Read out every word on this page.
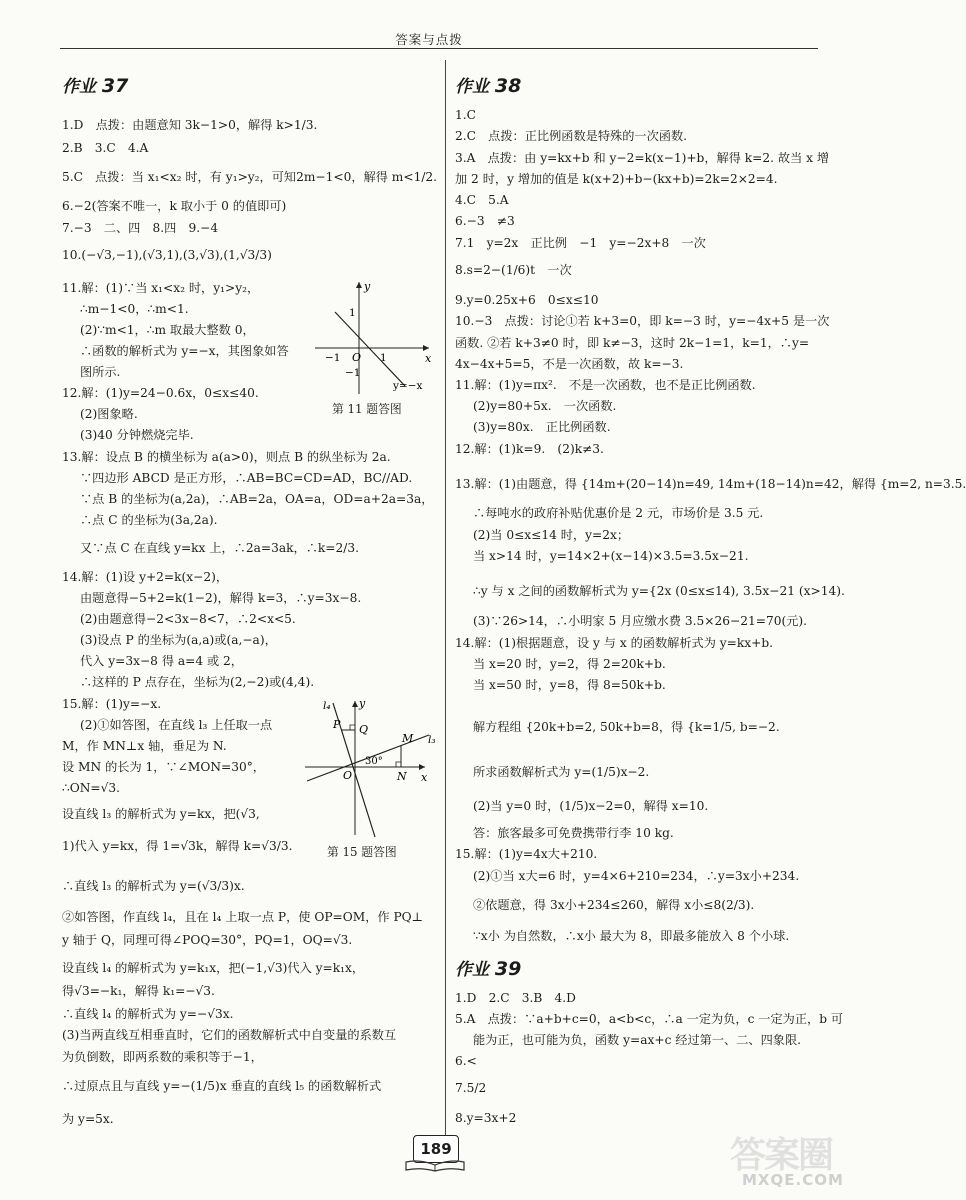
答案与点拨
作业 37
1.D　点拨：由题意知 3k−1>0，解得 k>1/3.
2.B　3.C　4.A
5.C　点拨：当 x₁<x₂ 时，有 y₁>y₂，可知2m−1<0，解得 m<1/2.
6.−2(答案不唯一，k 取小于 0 的值即可)
7.−3　二、四　8.四　9.−4
10.(−√3,−1),(√3,1),(3,√3),(1,√3/3)
11.解：(1)∵当 x₁<x₂ 时，y₁>y₂，
∴m−1<0，∴m<1.
(2)∵m<1，∴m 取最大整数 0，
∴函数的解析式为 y=−x，其图象如答
图所示.
12.解：(1)y=24−0.6x，0≤x≤40.
(2)图象略.
(3)40 分钟燃烧完毕.
13.解：设点 B 的横坐标为 a(a>0)，则点 B 的纵坐标为 2a.
∵四边形 ABCD 是正方形，∴AB=BC=CD=AD，BC//AD.
∵点 B 的坐标为(a,2a)，∴AB=2a，OA=a，OD=a+2a=3a，
∴点 C 的坐标为(3a,2a).
又∵点 C 在直线 y=kx 上，∴2a=3ak，∴k=2/3.
14.解：(1)设 y+2=k(x−2)，
由题意得−5+2=k(1−2)，解得 k=3，∴y=3x−8.
(2)由题意得−2<3x−8<7，∴2<x<5.
(3)设点 P 的坐标为(a,a)或(a,−a)，
代入 y=3x−8 得 a=4 或 2，
∴这样的 P 点存在，坐标为(2,−2)或(4,4).
15.解：(1)y=−x.
(2)①如答图，在直线 l₃ 上任取一点
M，作 MN⊥x 轴，垂足为 N.
设 MN 的长为 1，∵∠MON=30°，
∴ON=√3.
设直线 l₃ 的解析式为 y=kx，把(√3,
1)代入 y=kx，得 1=√3k，解得 k=√3/3.
∴直线 l₃ 的解析式为 y=(√3/3)x.
②如答图，作直线 l₄，且在 l₄ 上取一点 P，使 OP=OM，作 PQ⊥
y 轴于 Q，同理可得∠POQ=30°，PQ=1，OQ=√3.
设直线 l₄ 的解析式为 y=k₁x，把(−1,√3)代入 y=k₁x，
得√3=−k₁，解得 k₁=−√3.
∴直线 l₄ 的解析式为 y=−√3x.
(3)当两直线互相垂直时，它们的函数解析式中自变量的系数互
为负倒数，即两系数的乘积等于−1，
∴过原点且与直线 y=−(1/5)x 垂直的直线 l₅ 的函数解析式
为 y=5x.
y
x
O
1
−1
1
−1
y=−x
第 11 题答图
l₄	y
P Q
M l₃
O
30°
N x
第 15 题答图
作业 38
1.C
2.C　点拨：正比例函数是特殊的一次函数.
3.A　点拨：由 y=kx+b 和 y−2=k(x−1)+b，解得 k=2. 故当 x 增
加 2 时，y 增加的值是 k(x+2)+b−(kx+b)=2k=2×2=4.
4.C　5.A
6.−3　≠3
7.1　y=2x　正比例　−1　y=−2x+8　一次
8.s=2−(1/6)t　一次
9.y=0.25x+6　0≤x≤10
10.−3　点拨：讨论①若 k+3=0，即 k=−3 时，y=−4x+5 是一次
函数. ②若 k+3≠0 时，即 k≠−3，这时 2k−1=1，k=1，∴y=
4x−4x+5=5，不是一次函数，故 k=−3.
11.解：(1)y=πx².　不是一次函数，也不是正比例函数.
(2)y=80+5x.　一次函数.
(3)y=80x.　正比例函数.
12.解：(1)k=9.　(2)k≠3.
13.解：(1)由题意，得 {14m+(20−14)n=49, 14m+(18−14)n=42，解得 {m=2, n=3.5.
∴每吨水的政府补贴优惠价是 2 元，市场价是 3.5 元.
(2)当 0≤x≤14 时，y=2x；
当 x>14 时，y=14×2+(x−14)×3.5=3.5x−21.
∴y 与 x 之间的函数解析式为 y={2x (0≤x≤14), 3.5x−21 (x>14).
(3)∵26>14，∴小明家 5 月应缴水费 3.5×26−21=70(元).
14.解：(1)根据题意，设 y 与 x 的函数解析式为 y=kx+b.
当 x=20 时，y=2，得 2=20k+b.
当 x=50 时，y=8，得 8=50k+b.
解方程组 {20k+b=2, 50k+b=8，得 {k=1/5, b=−2.
所求函数解析式为 y=(1/5)x−2.
(2)当 y=0 时，(1/5)x−2=0，解得 x=10.
答：旅客最多可免费携带行李 10 kg.
15.解：(1)y=4x大+210.
(2)①当 x大=6 时，y=4×6+210=234，∴y=3x小+234.
②依题意，得 3x小+234≤260，解得 x小≤8(2/3).
∵x小 为自然数，∴x小 最大为 8，即最多能放入 8 个小球.
作业 39
1.D　2.C　3.B　4.D
5.A　点拨：∵a+b+c=0，a<b<c，∴a 一定为负，c 一定为正，b 可
能为正，也可能为负，函数 y=ax+c 经过第一、二、四象限.
6.<
7.5/2
8.y=3x+2
189	答案圈
MXQE.COM
